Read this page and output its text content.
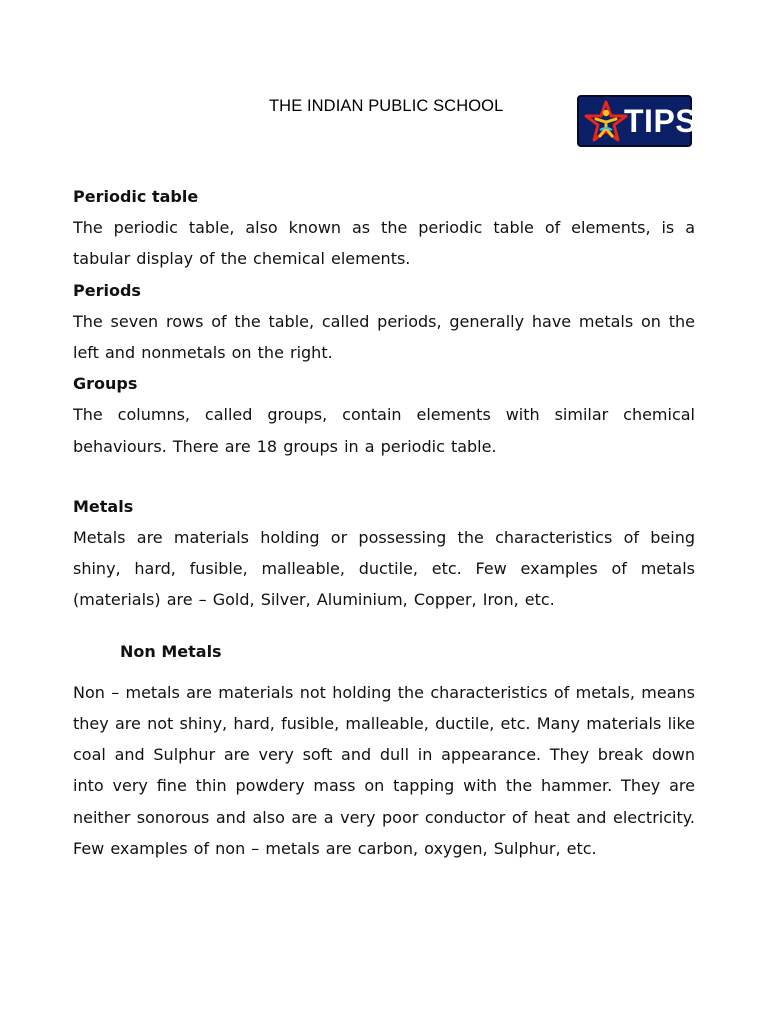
THE INDIAN PUBLIC SCHOOL	TIPS

Periodic table

The periodic table, also known as the periodic table of elements, is a tabular display of the chemical elements.

Periods

The seven rows of the table, called periods, generally have metals on the left and nonmetals on the right.

Groups

The columns, called groups, contain elements with similar chemical behaviours. There are 18 groups in a periodic table.

Metals

Metals are materials holding or possessing the characteristics of being shiny, hard, fusible, malleable, ductile, etc. Few examples of metals (materials) are – Gold, Silver, Aluminium, Copper, Iron, etc.

Non Metals

Non – metals are materials not holding the characteristics of metals, means they are not shiny, hard, fusible, malleable, ductile, etc. Many materials like coal and Sulphur are very soft and dull in appearance. They break down into very fine thin powdery mass on tapping with the hammer. They are neither sonorous and also are a very poor conductor of heat and electricity. Few examples of non – metals are carbon, oxygen, Sulphur, etc.
